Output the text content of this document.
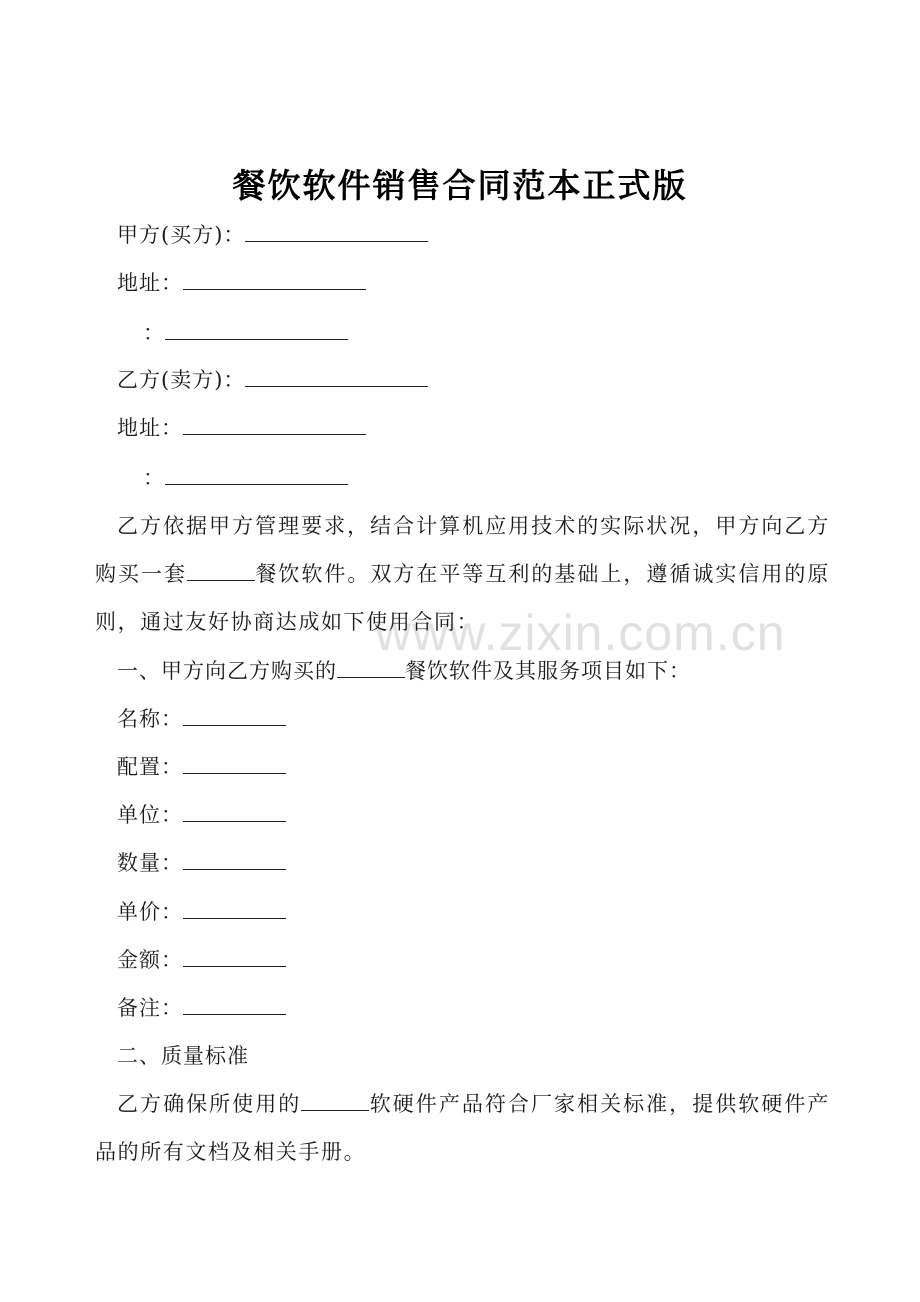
www.zixin.com.cn
餐饮软件销售合同范本正式版
甲方(买方)：
地址：
：
乙方(卖方)：
地址：
：
乙方依据甲方管理要求，结合计算机应用技术的实际状况，甲方向乙方购买一套	餐饮软件。双方在平等互利的基础上，遵循诚实信用的原则，通过友好协商达成如下使用合同：
一、甲方向乙方购买的	餐饮软件及其服务项目如下：
名称：
配置：
单位：
数量：
单价：
金额：
备注：
二、质量标准
乙方确保所使用的	软硬件产品符合厂家相关标准，提供软硬件产品的所有文档及相关手册。
